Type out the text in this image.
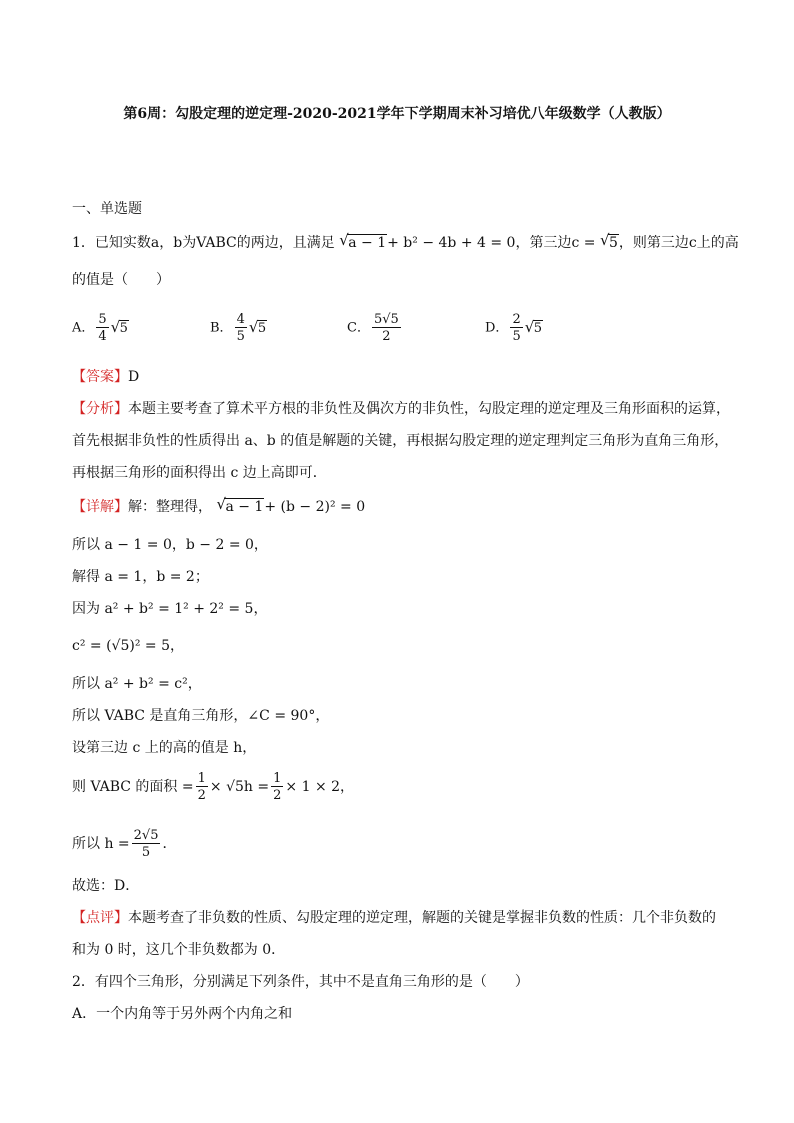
第6周：勾股定理的逆定理-2020-2021学年下学期周末补习培优八年级数学（人教版）
一、单选题
1．已知实数a，b为VABC的两边，且满足 √ a − 1+ b² − 4b + 4 = 0，第三边c = √ 5，则第三边c上的高
的值是（　　）
A． $\frac{5}{4}$ √ 5	B． $\frac{4}{5}$ √ 5	C． $\frac{5√5}{2}$	D． $\frac{2}{5}$ √ 5
【答案】D
【分析】本题主要考查了算术平方根的非负性及偶次方的非负性，勾股定理的逆定理及三角形面积的运算，
首先根据非负性的性质得出 a、b 的值是解题的关键，再根据勾股定理的逆定理判定三角形为直角三角形，
再根据三角形的面积得出 c 边上高即可．
【详解】解：整理得， √ a − 1+ (b − 2)² = 0
所以 a − 1 = 0，b − 2 = 0，
解得 a = 1，b = 2；
因为 a² + b² = 1² + 2² = 5，
c² = (√5)² = 5，
所以 a² + b² = c²，
所以 VABC 是直角三角形，∠C = 90°，
设第三边 c 上的高的值是 h，
则 VABC 的面积 = $\frac{1}{2} \times √5h = \frac{1}{2} \times 1 \times 2$，
所以 $h = \frac{2√5}{5}$ ．
故选：D．
【点评】本题考查了非负数的性质、勾股定理的逆定理，解题的关键是掌握非负数的性质：几个非负数的
和为 0 时，这几个非负数都为 0．
2．有四个三角形，分别满足下列条件，其中不是直角三角形的是（　　）
A．一个内角等于另外两个内角之和
